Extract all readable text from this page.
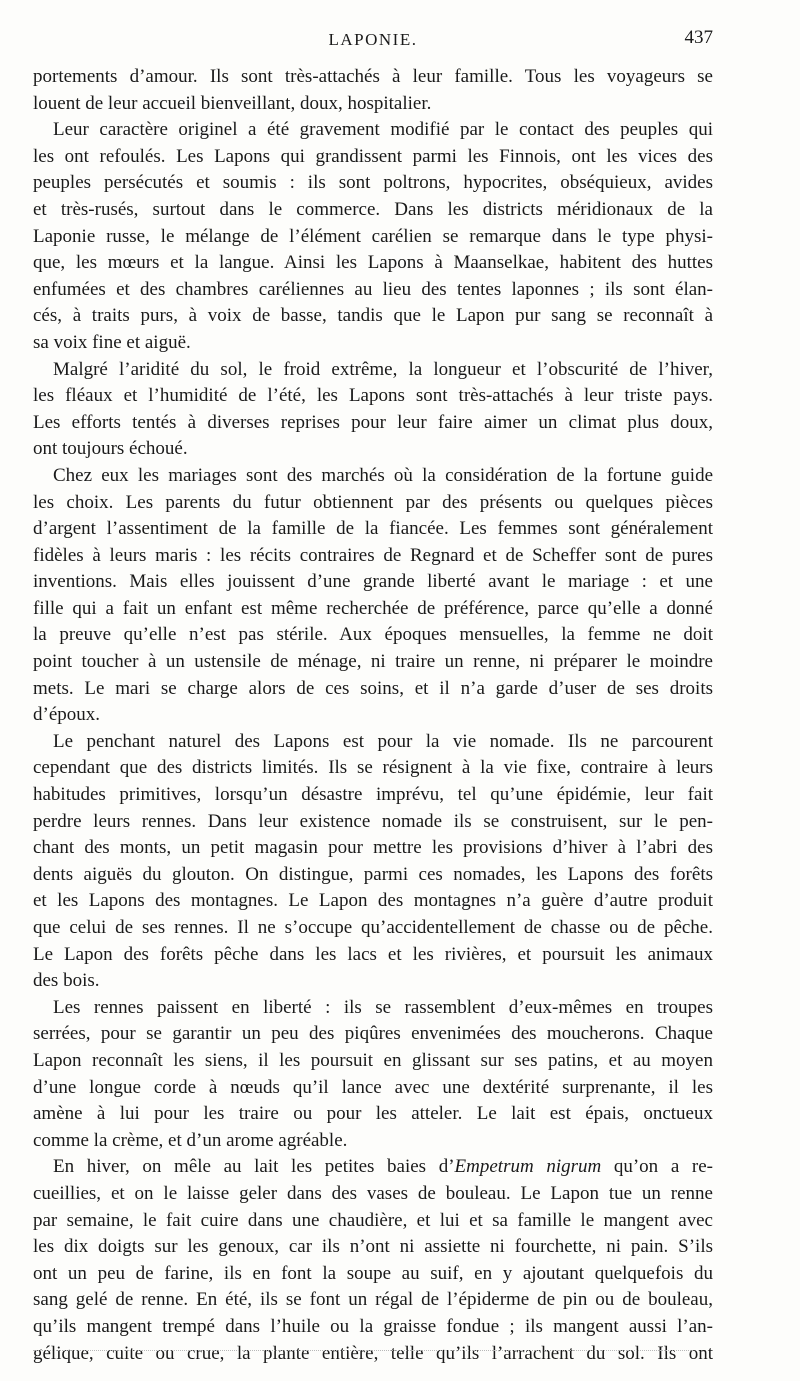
LAPONIE.	437
portements d’amour. Ils sont très-attachés à leur famille. Tous les voyageurs se
louent de leur accueil bienveillant, doux, hospitalier.
Leur caractère originel a été gravement modifié par le contact des peuples qui
les ont refoulés. Les Lapons qui grandissent parmi les Finnois, ont les vices des
peuples persécutés et soumis : ils sont poltrons, hypocrites, obséquieux, avides
et très-rusés, surtout dans le commerce. Dans les districts méridionaux de la
Laponie russe, le mélange de l’élément carélien se remarque dans le type physi-
que, les mœurs et la langue. Ainsi les Lapons à Maanselkae, habitent des huttes
enfumées et des chambres caréliennes au lieu des tentes laponnes ; ils sont élan-
cés, à traits purs, à voix de basse, tandis que le Lapon pur sang se reconnaît à
sa voix fine et aiguë.
Malgré l’aridité du sol, le froid extrême, la longueur et l’obscurité de l’hiver,
les fléaux et l’humidité de l’été, les Lapons sont très-attachés à leur triste pays.
Les efforts tentés à diverses reprises pour leur faire aimer un climat plus doux,
ont toujours échoué.
Chez eux les mariages sont des marchés où la considération de la fortune guide
les choix. Les parents du futur obtiennent par des présents ou quelques pièces
d’argent l’assentiment de la famille de la fiancée. Les femmes sont généralement
fidèles à leurs maris : les récits contraires de Regnard et de Scheffer sont de pures
inventions. Mais elles jouissent d’une grande liberté avant le mariage : et une
fille qui a fait un enfant est même recherchée de préférence, parce qu’elle a donné
la preuve qu’elle n’est pas stérile. Aux époques mensuelles, la femme ne doit
point toucher à un ustensile de ménage, ni traire un renne, ni préparer le moindre
mets. Le mari se charge alors de ces soins, et il n’a garde d’user de ses droits
d’époux.
Le penchant naturel des Lapons est pour la vie nomade. Ils ne parcourent
cependant que des districts limités. Ils se résignent à la vie fixe, contraire à leurs
habitudes primitives, lorsqu’un désastre imprévu, tel qu’une épidémie, leur fait
perdre leurs rennes. Dans leur existence nomade ils se construisent, sur le pen-
chant des monts, un petit magasin pour mettre les provisions d’hiver à l’abri des
dents aiguës du glouton. On distingue, parmi ces nomades, les Lapons des forêts
et les Lapons des montagnes. Le Lapon des montagnes n’a guère d’autre produit
que celui de ses rennes. Il ne s’occupe qu’accidentellement de chasse ou de pêche.
Le Lapon des forêts pêche dans les lacs et les rivières, et poursuit les animaux
des bois.
Les rennes paissent en liberté : ils se rassemblent d’eux-mêmes en troupes
serrées, pour se garantir un peu des piqûres envenimées des moucherons. Chaque
Lapon reconnaît les siens, il les poursuit en glissant sur ses patins, et au moyen
d’une longue corde à nœuds qu’il lance avec une dextérité surprenante, il les
amène à lui pour les traire ou pour les atteler. Le lait est épais, onctueux
comme la crème, et d’un arome agréable.
En hiver, on mêle au lait les petites baies d’Empetrum nigrum qu’on a re-
cueillies, et on le laisse geler dans des vases de bouleau. Le Lapon tue un renne
par semaine, le fait cuire dans une chaudière, et lui et sa famille le mangent avec
les dix doigts sur les genoux, car ils n’ont ni assiette ni fourchette, ni pain. S’ils
ont un peu de farine, ils en font la soupe au suif, en y ajoutant quelquefois du
sang gelé de renne. En été, ils se font un régal de l’épiderme de pin ou de bouleau,
qu’ils mangent trempé dans l’huile ou la graisse fondue ; ils mangent aussi l’an-
gélique, cuite ou crue, la plante entière, telle qu’ils l’arrachent du sol. Ils ont
